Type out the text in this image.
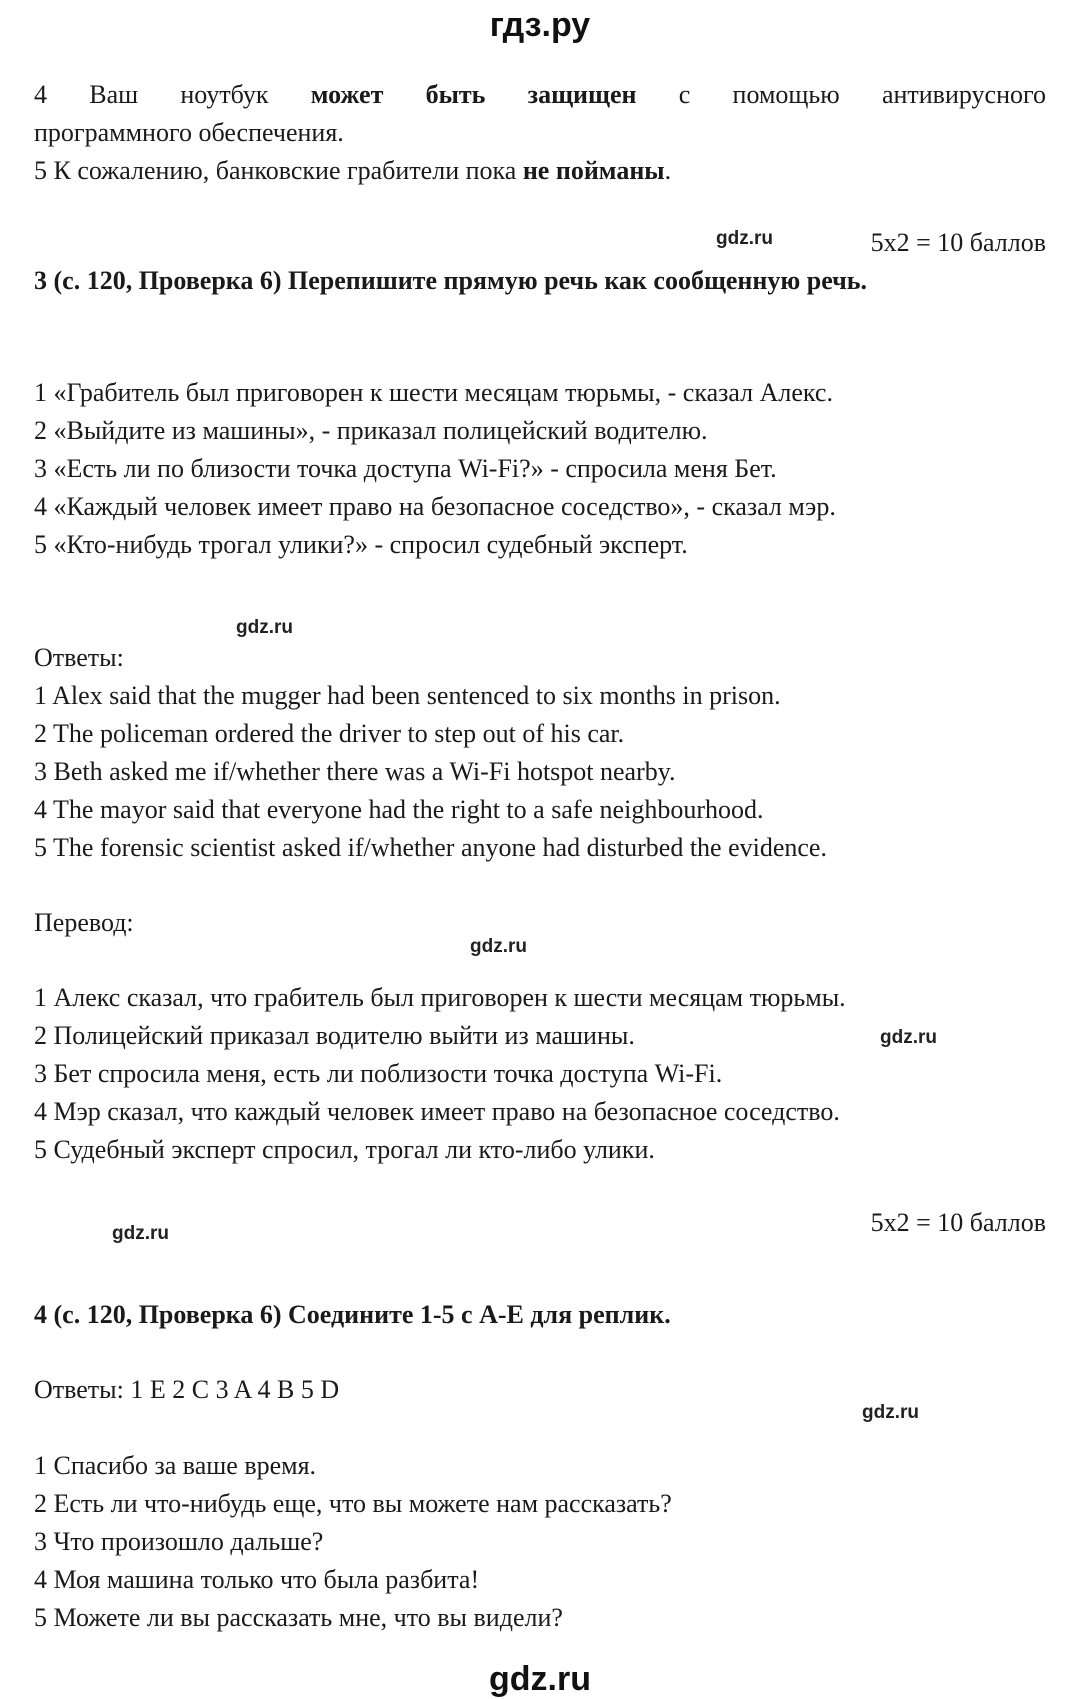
гдз.ру
4 Ваш ноутбук может быть защищен с помощью антивирусного
программного обеспечения.
5 К сожалению, банковские грабители пока не пойманы.
gdz.ru	5x2 = 10 баллов
3 (с. 120, Проверка 6) Перепишите прямую речь как сообщенную речь.
1 «Грабитель был приговорен к шести месяцам тюрьмы, - сказал Алекс.
2 «Выйдите из машины», - приказал полицейский водителю.
3 «Есть ли по близости точка доступа Wi-Fi?» - спросила меня Бет.
4 «Каждый человек имеет право на безопасное соседство», - сказал мэр.
5 «Кто-нибудь трогал улики?» - спросил судебный эксперт.
gdz.ru
Ответы:
1 Alex said that the mugger had been sentenced to six months in prison.
2 The policeman ordered the driver to step out of his car.
3 Beth asked me if/whether there was a Wi-Fi hotspot nearby.
4 The mayor said that everyone had the right to a safe neighbourhood.
5 The forensic scientist asked if/whether anyone had disturbed the evidence.
Перевод:
gdz.ru
1 Алекс сказал, что грабитель был приговорен к шести месяцам тюрьмы.
2 Полицейский приказал водителю выйти из машины.	gdz.ru
3 Бет спросила меня, есть ли поблизости точка доступа Wi-Fi.
4 Мэр сказал, что каждый человек имеет право на безопасное соседство.
5 Судебный эксперт спросил, трогал ли кто-либо улики.
gdz.ru	5x2 = 10 баллов
4 (с. 120, Проверка 6) Соедините 1-5 с A-E для реплик.
Ответы: 1 E 2 C 3 A 4 B 5 D
gdz.ru
1 Спасибо за ваше время.
2 Есть ли что-нибудь еще, что вы можете нам рассказать?
3 Что произошло дальше?
4 Моя машина только что была разбита!
5 Можете ли вы рассказать мне, что вы видели?
gdz.ru
